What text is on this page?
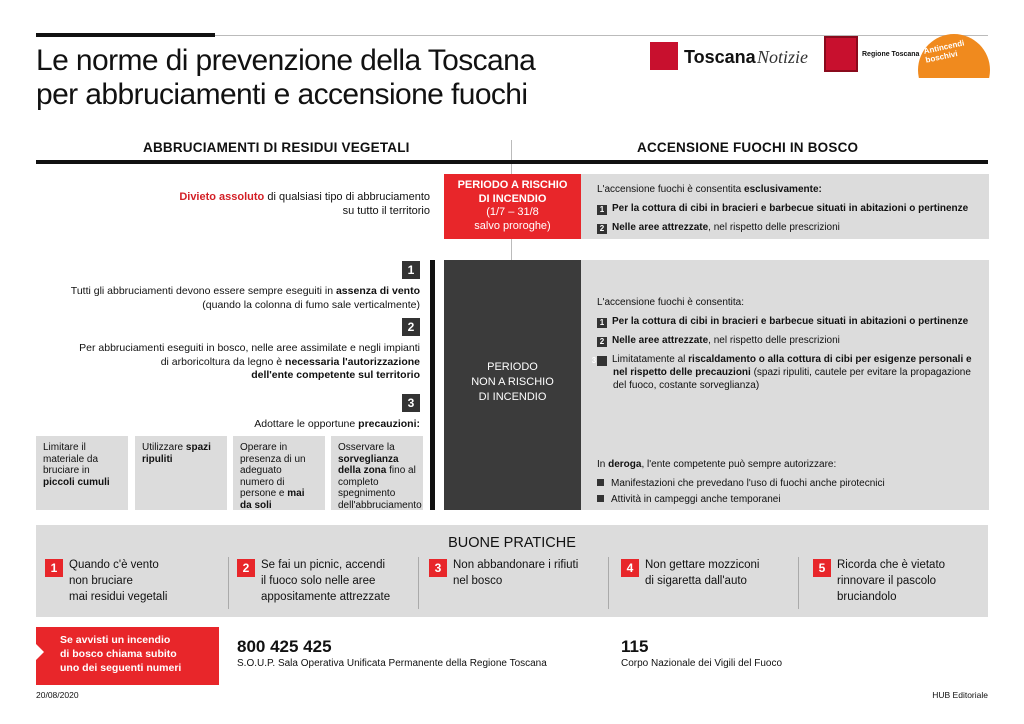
Le norme di prevenzione della Toscana
per abbruciamenti e accensione fuochi
Toscana Notizie	Regione Toscana Antincendi boschivi
ABBRUCIAMENTI DI RESIDUI VEGETALI	ACCENSIONE FUOCHI IN BOSCO
Divieto assoluto di qualsiasi tipo di abbruciamento
su tutto il territorio
PERIODO A RISCHIO
DI INCENDIO
(1/7 – 31/8
salvo proroghe)
L'accensione fuochi è consentita esclusivamente:
1 Per la cottura di cibi in bracieri e barbecue situati in abitazioni o pertinenze
2 Nelle aree attrezzate, nel rispetto delle prescrizioni
1
Tutti gli abbruciamenti devono essere sempre eseguiti in assenza di vento
(quando la colonna di fumo sale verticalmente)
2
Per abbruciamenti eseguiti in bosco, nelle aree assimilate e negli impianti
di arboricoltura da legno è necessaria l'autorizzazione
dell'ente competente sul territorio
3
Adottare le opportune precauzioni:
Limitare il materiale da bruciare in piccoli cumuli
Utilizzare spazi ripuliti
Operare in presenza di un adeguato numero di persone e mai da soli
Osservare la sorveglianza della zona fino al completo spegnimento dell'abbruciamento
PERIODO
NON A RISCHIO
DI INCENDIO
L'accensione fuochi è consentita:
1 Per la cottura di cibi in bracieri e barbecue situati in abitazioni o pertinenze
2 Nelle aree attrezzate, nel rispetto delle prescrizioni
3 Limitatamente al riscaldamento o alla cottura di cibi per esigenze personali e nel rispetto delle precauzioni (spazi ripuliti, cautele per evitare la propagazione del fuoco, costante sorveglianza)
In deroga, l'ente competente può sempre autorizzare:
Manifestazioni che prevedano l'uso di fuochi anche pirotecnici
Attività in campeggi anche temporanei
BUONE PRATICHE
1	Quando c'è vento
non bruciare
mai residui vegetali
2	Se fai un picnic, accendi
il fuoco solo nelle aree
appositamente attrezzate
3	Non abbandonare i rifiuti
nel bosco
4	Non gettare mozziconi
di sigaretta dall'auto
5	Ricorda che è vietato
rinnovare il pascolo
bruciandolo
Se avvisti un incendio
di bosco chiama subito
uno dei seguenti numeri
800 425 425
S.O.U.P. Sala Operativa Unificata Permanente della Regione Toscana
115
Corpo Nazionale dei Vigili del Fuoco
20/08/2020	HUB Editoriale
